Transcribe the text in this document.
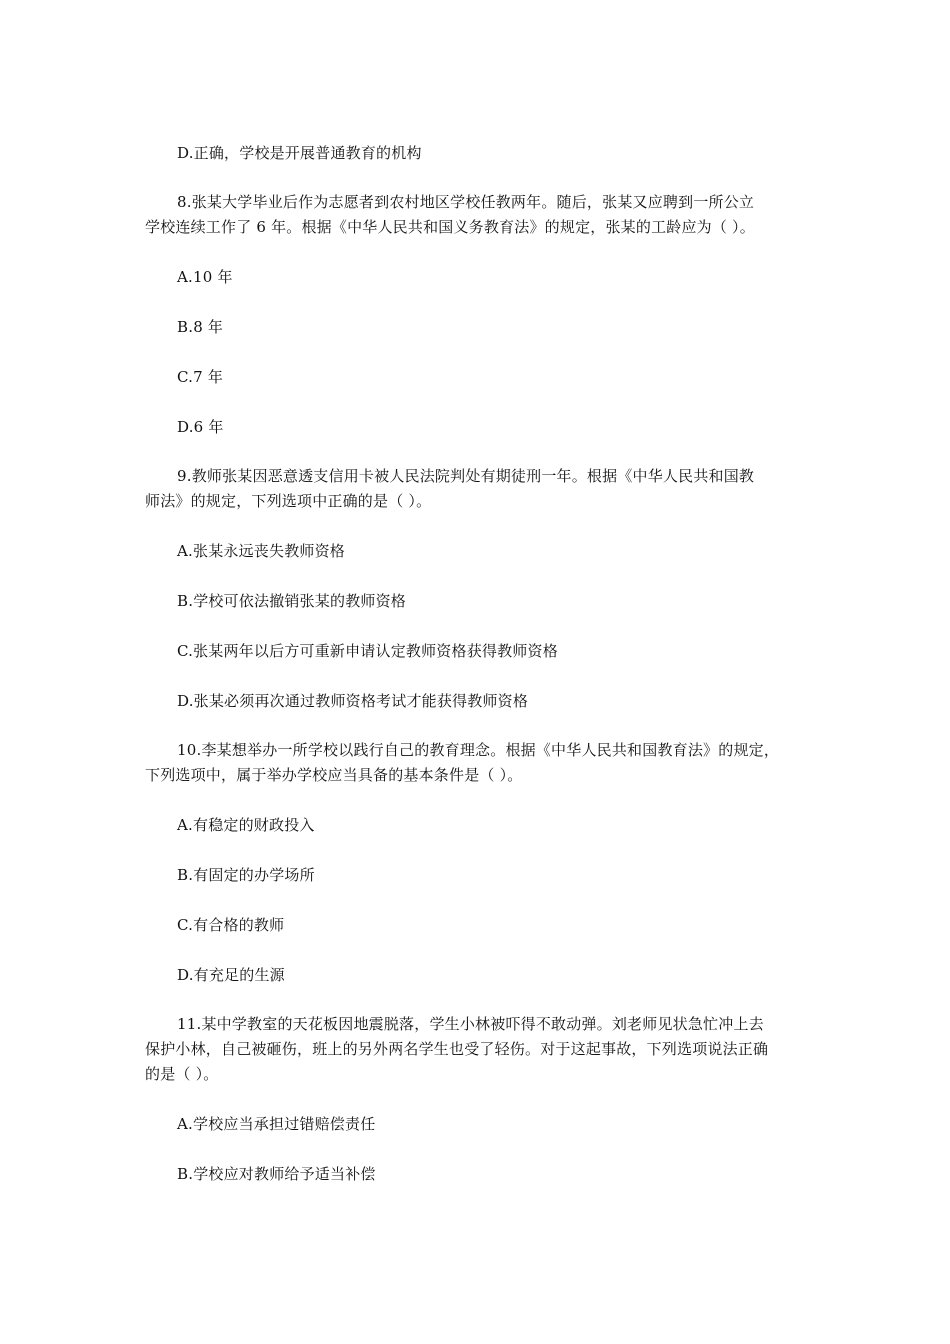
D.正确，学校是开展普通教育的机构
8.张某大学毕业后作为志愿者到农村地区学校任教两年。随后，张某又应聘到一所公立
学校连续工作了 6 年。根据《中华人民共和国义务教育法》的规定，张某的工龄应为（ ）。
A.10 年
B.8 年
C.7 年
D.6 年
9.教师张某因恶意透支信用卡被人民法院判处有期徒刑一年。根据《中华人民共和国教
师法》的规定，下列选项中正确的是（ ）。
A.张某永远丧失教师资格
B.学校可依法撤销张某的教师资格
C.张某两年以后方可重新申请认定教师资格获得教师资格
D.张某必须再次通过教师资格考试才能获得教师资格
10.李某想举办一所学校以践行自己的教育理念。根据《中华人民共和国教育法》的规定，
下列选项中，属于举办学校应当具备的基本条件是（ ）。
A.有稳定的财政投入
B.有固定的办学场所
C.有合格的教师
D.有充足的生源
11.某中学教室的天花板因地震脱落，学生小林被吓得不敢动弹。刘老师见状急忙冲上去
保护小林，自己被砸伤，班上的另外两名学生也受了轻伤。对于这起事故，下列选项说法正确
的是（ ）。
A.学校应当承担过错赔偿责任
B.学校应对教师给予适当补偿
